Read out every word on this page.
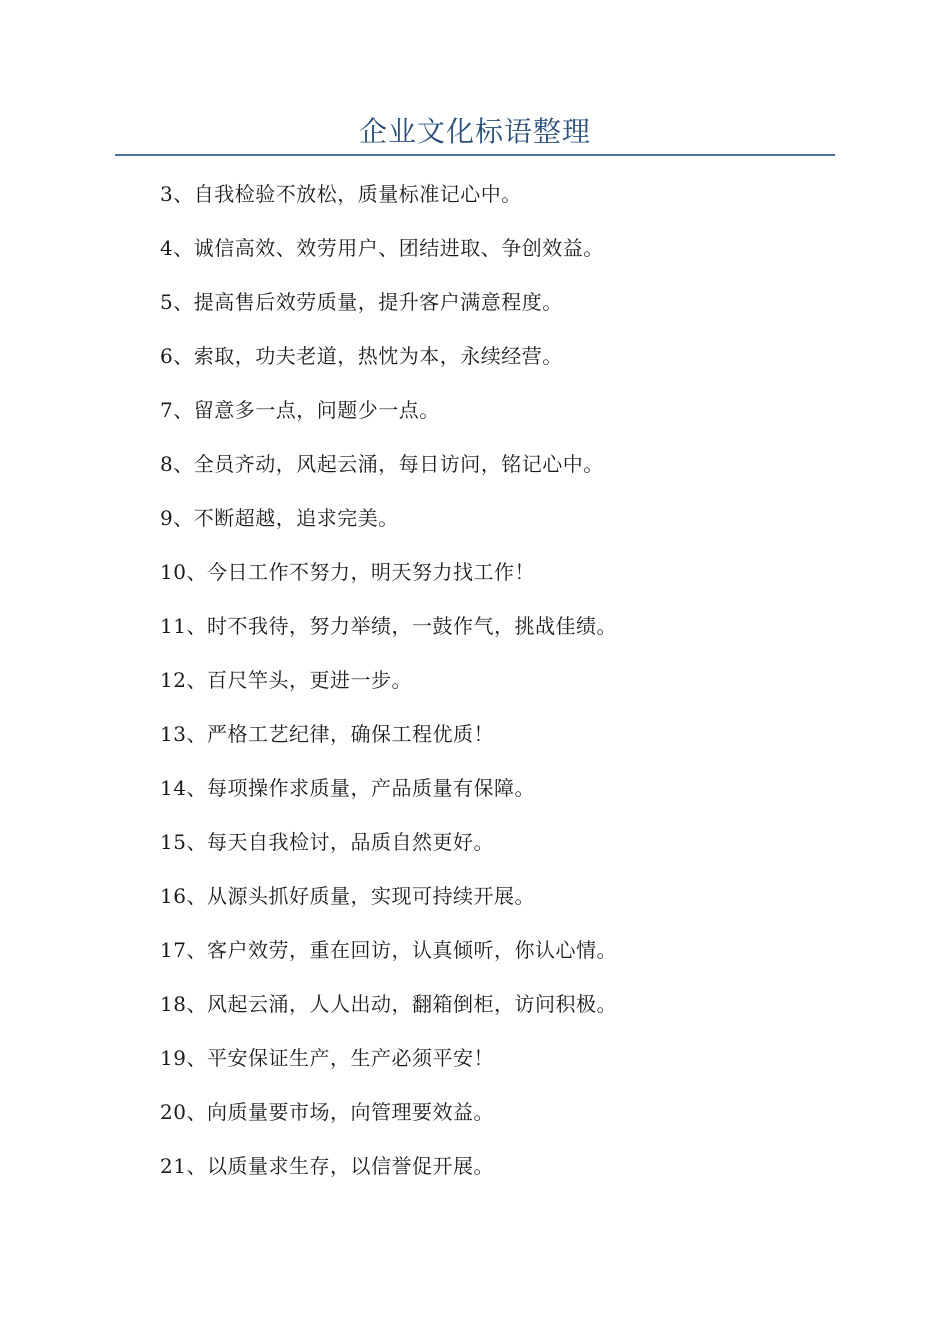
企业文化标语整理
3、自我检验不放松，质量标准记心中。
4、诚信高效、效劳用户、团结进取、争创效益。
5、提高售后效劳质量，提升客户满意程度。
6、索取，功夫老道，热忱为本，永续经营。
7、留意多一点，问题少一点。
8、全员齐动，风起云涌，每日访问，铭记心中。
9、不断超越，追求完美。
10、今日工作不努力，明天努力找工作！
11、时不我待，努力举绩，一鼓作气，挑战佳绩。
12、百尺竿头，更进一步。
13、严格工艺纪律，确保工程优质！
14、每项操作求质量，产品质量有保障。
15、每天自我检讨，品质自然更好。
16、从源头抓好质量，实现可持续开展。
17、客户效劳，重在回访，认真倾听，你认心情。
18、风起云涌，人人出动，翻箱倒柜，访问积极。
19、平安保证生产，生产必须平安！
20、向质量要市场，向管理要效益。
21、以质量求生存，以信誉促开展。
